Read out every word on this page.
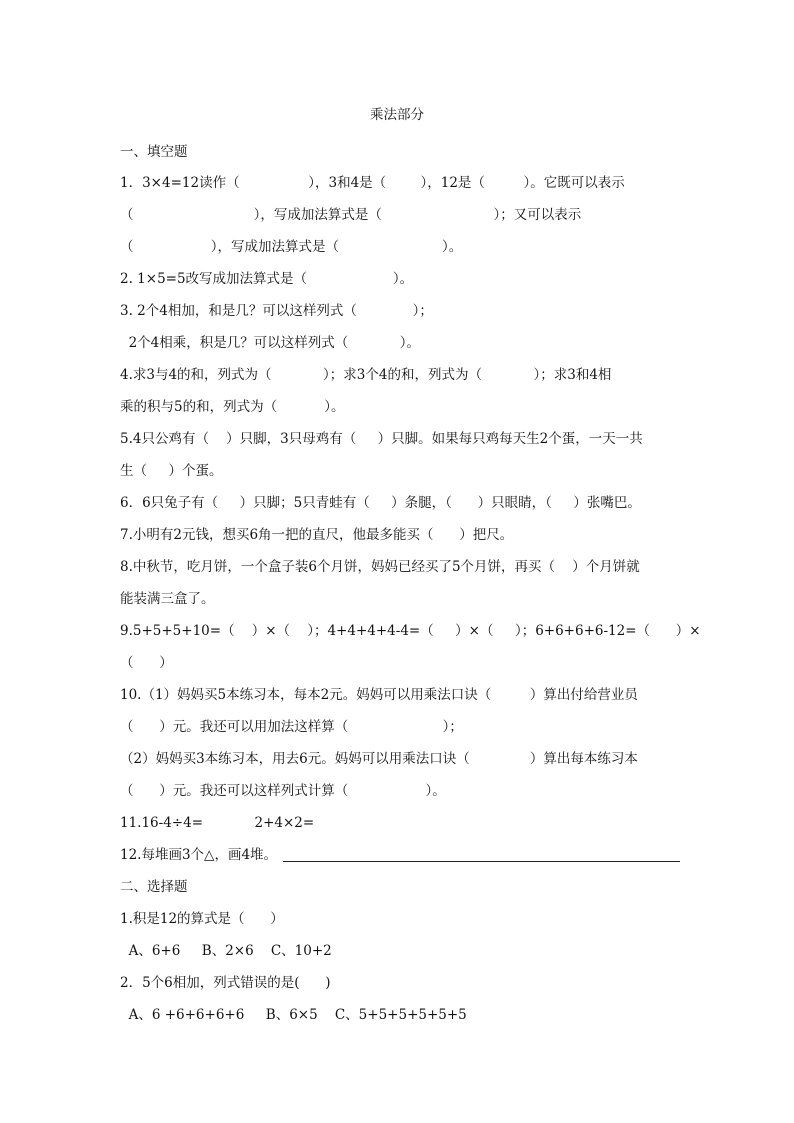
乘法部分
一、填空题
1．3×4=12读作（                ），3和4是（        ），12是（         ）。它既可以表示
（                            ），写成加法算式是（                          ）；又可以表示
（                  ），写成加法算式是（                        ）。
2. 1×5=5改写成加法算式是（                    ）。
3. 2个4相加，和是几？可以这样列式（             ）；
2个4相乘，积是几？可以这样列式（            ）。
4.求3与4的和，列式为（            ）；求3个4的和，列式为（            ）；求3和4相
乘的积与5的和，列式为（           ）。
5.4只公鸡有（    ）只脚，3只母鸡有（     ）只脚。如果每只鸡每天生2个蛋，一天一共
生（     ）个蛋。
6．6只兔子有（     ）只脚；5只青蛙有（     ）条腿，（      ）只眼睛，（     ）张嘴巴。
7.小明有2元钱，想买6角一把的直尺，他最多能买（      ）把尺。
8.中秋节，吃月饼，一个盒子装6个月饼，妈妈已经买了5个月饼，再买（    ）个月饼就
能装满三盒了。
9.5+5+5+10=（    ）×（    ）；4+4+4+4-4=（     ）×（     ）；6+6+6+6-12=（      ）×
（      ）
10.（1）妈妈买5本练习本，每本2元。妈妈可以用乘法口诀（         ）算出付给营业员
（      ）元。我还可以用加法这样算（                      ）；
（2）妈妈买3本练习本，用去6元。妈妈可以用乘法口诀（              ）算出每本练习本
（      ）元。我还可以这样列式计算（                  ）。
11.16-4÷4=            2+4×2=
12.每堆画3个△，画4堆。
二、选择题
1.积是12的算式是（      ）
A、6+6     B、2×6    C、10+2
2．5个6相加，列式错误的是(      )
A、6 +6+6+6+6     B、6×5    C、5+5+5+5+5+5
